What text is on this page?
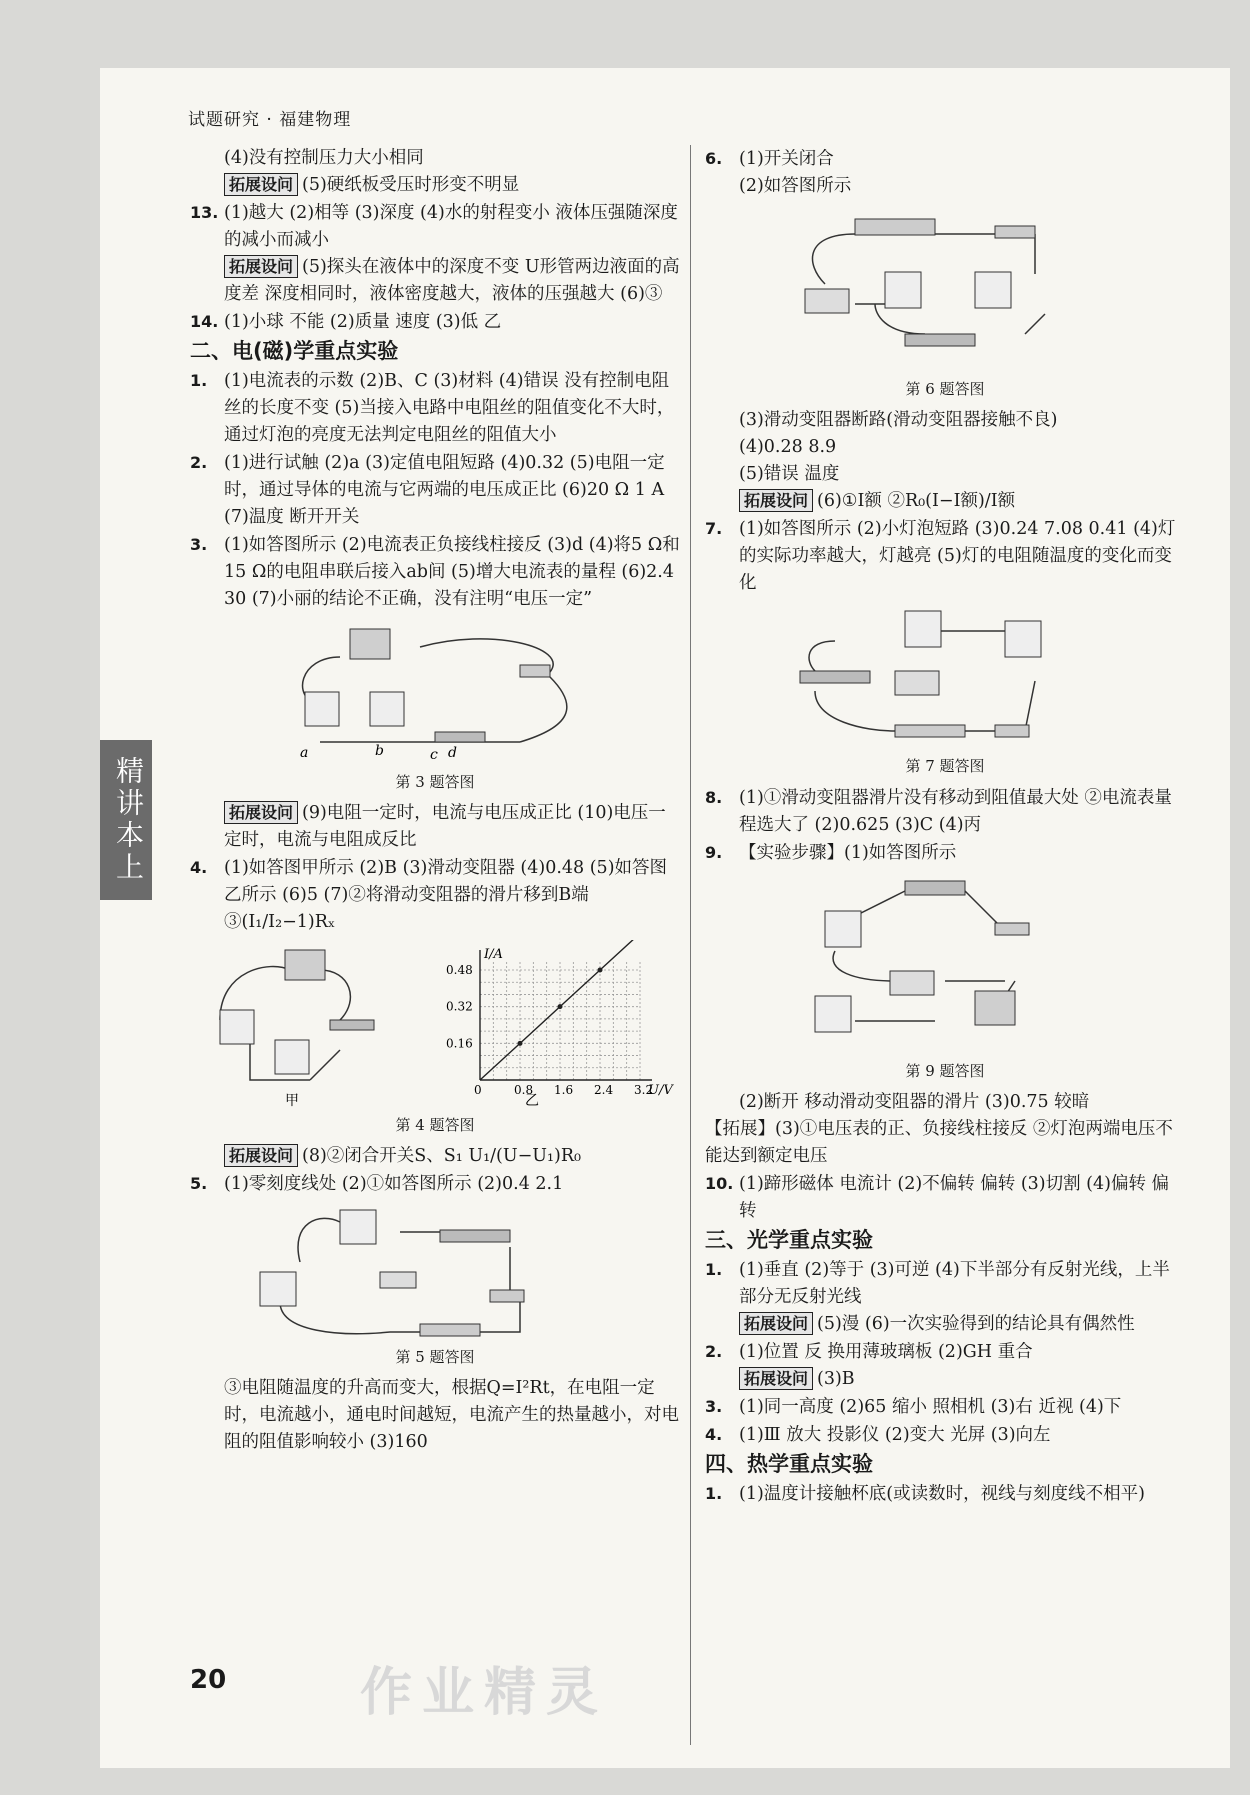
试题研究 · 福建物理
精讲本上

(4)没有控制压力大小相同

拓展设问 (5)硬纸板受压时形变不明显

13. (1)越大 (2)相等 (3)深度 (4)水的射程变小 液体压强随深度的减小而减小

拓展设问 (5)探头在液体中的深度不变 U形管两边液面的高度差 深度相同时，液体密度越大，液体的压强越大 (6)③

14. (1)小球 不能 (2)质量 速度 (3)低 乙

二、电(磁)学重点实验

1. (1)电流表的示数 (2)B、C (3)材料 (4)错误 没有控制电阻丝的长度不变 (5)当接入电路中电阻丝的阻值变化不大时，通过灯泡的亮度无法判定电阻丝的阻值大小

2. (1)进行试触 (2)a (3)定值电阻短路 (4)0.32 (5)电阻一定时，通过导体的电流与它两端的电压成正比 (6)20 Ω 1 A (7)温度 断开开关

3. (1)如答图所示 (2)电流表正负接线柱接反 (3)d (4)将5 Ω和15 Ω的电阻串联后接入ab间 (5)增大电流表的量程 (6)2.4 30 (7)小丽的结论不正确，没有注明“电压一定”

a	b	c d
第 3 题答图

拓展设问 (9)电阻一定时，电流与电压成正比 (10)电压一定时，电流与电阻成反比

4. (1)如答图甲所示 (2)B (3)滑动变阻器 (4)0.48 (5)如答图乙所示 (6)5 (7)②将滑动变阻器的滑片移到B端 ③(I₁/I₂−1)Rₓ

甲
0	0.8 1.6 2.4 3.2
0.16
0.32
0.48
I/A
U/V
乙
第 4 题答图

拓展设问 (8)②闭合开关S、S₁ U₁/(U−U₁)R₀

5. (1)零刻度线处 (2)①如答图所示 (2)0.4 2.1

第 5 题答图

③电阻随温度的升高而变大，根据Q=I²Rt，在电阻一定时，电流越小，通电时间越短，电流产生的热量越小，对电阻的阻值影响较小 (3)160

6. (1)开关闭合

(2)如答图所示

第 6 题答图

(3)滑动变阻器断路(滑动变阻器接触不良)

(4)0.28 8.9

(5)错误 温度

拓展设问 (6)①I额 ②R₀(I−I额)/I额

7. (1)如答图所示 (2)小灯泡短路 (3)0.24 7.08 0.41 (4)灯的实际功率越大，灯越亮 (5)灯的电阻随温度的变化而变化

第 7 题答图

8. (1)①滑动变阻器滑片没有移动到阻值最大处 ②电流表量程选大了 (2)0.625 (3)C (4)丙

9. 【实验步骤】(1)如答图所示

第 9 题答图

(2)断开 移动滑动变阻器的滑片 (3)0.75 较暗

【拓展】(3)①电压表的正、负接线柱接反 ②灯泡两端电压不能达到额定电压

10. (1)蹄形磁体 电流计 (2)不偏转 偏转 (3)切割 (4)偏转 偏转

三、光学重点实验

1. (1)垂直 (2)等于 (3)可逆 (4)下半部分有反射光线，上半部分无反射光线

拓展设问 (5)漫 (6)一次实验得到的结论具有偶然性

2. (1)位置 反 换用薄玻璃板 (2)GH 重合

拓展设问 (3)B

3. (1)同一高度 (2)65 缩小 照相机 (3)右 近视 (4)下

4. (1)Ⅲ 放大 投影仪 (2)变大 光屏 (3)向左

四、热学重点实验

1. (1)温度计接触杯底(或读数时，视线与刻度线不相平)

20	作业精灵
